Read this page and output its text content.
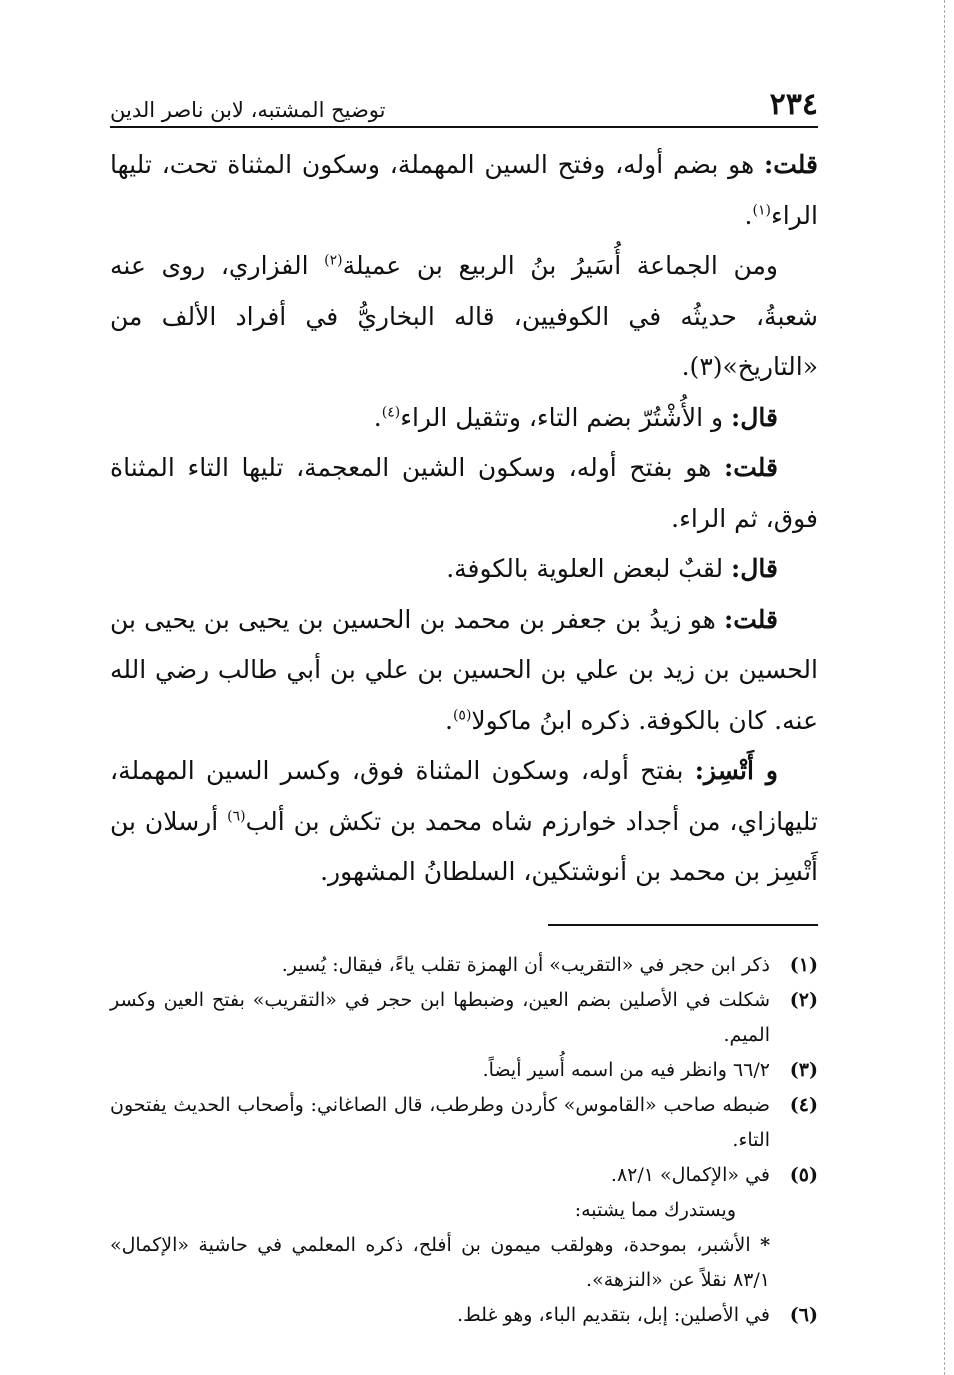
٢٣٤
توضيح المشتبه، لابن ناصر الدين

قلت: هو بضم أوله، وفتح السين المهملة، وسكون المثناة تحت، تليها الراء$^{(١)}$.

ومن الجماعة أُسَيرُ بنُ الربيع بن عميلة$^{(٢)}$ الفزاري، روى عنه شعبةُ، حديثُه في الكوفيين، قاله البخاريُّ في أفراد الألف من «التاريخ»(٣).

قال: و الأُشْتُرّ بضم التاء، وتثقيل الراء$^{(٤)}$.

قلت: هو بفتح أوله، وسكون الشين المعجمة، تليها التاء المثناة فوق، ثم الراء.

قال: لقبٌ لبعض العلوية بالكوفة.

قلت: هو زيدُ بن جعفر بن محمد بن الحسين بن يحيى بن يحيى بن الحسين بن زيد بن علي بن الحسين بن علي بن أبي طالب رضي الله عنه. كان بالكوفة. ذكره ابنُ ماكولا$^{(٥)}$.

و أَتْسِز: بفتح أوله، وسكون المثناة فوق، وكسر السين المهملة، تليهازاي، من أجداد خوارزم شاه محمد بن تكش بن ألب$^{(٦)}$ أرسلان بن أَتْسِز بن محمد بن أنوشتكين، السلطانُ المشهور.

(١)
ذكر ابن حجر في «التقريب» أن الهمزة تقلب ياءً، فيقال: يُسير.

(٢)
شكلت في الأصلين بضم العين، وضبطها ابن حجر في «التقريب» بفتح العين وكسر الميم.

(٣)
٦٦/٢ وانظر فيه من اسمه أُسير أيضاً.

(٤)
ضبطه صاحب «القاموس» كأردن وطرطب، قال الصاغاني: وأصحاب الحديث يفتحون التاء.

(٥)
في «الإكمال» ٨٢/١.

ويستدرك مما يشتبه:

* الأشبر، بموحدة، وهولقب ميمون بن أفلح، ذكره المعلمي في حاشية «الإكمال» ٨٣/١ نقلاً عن «النزهة».

(٦)
في الأصلين: إبل، بتقديم الباء، وهو غلط.
